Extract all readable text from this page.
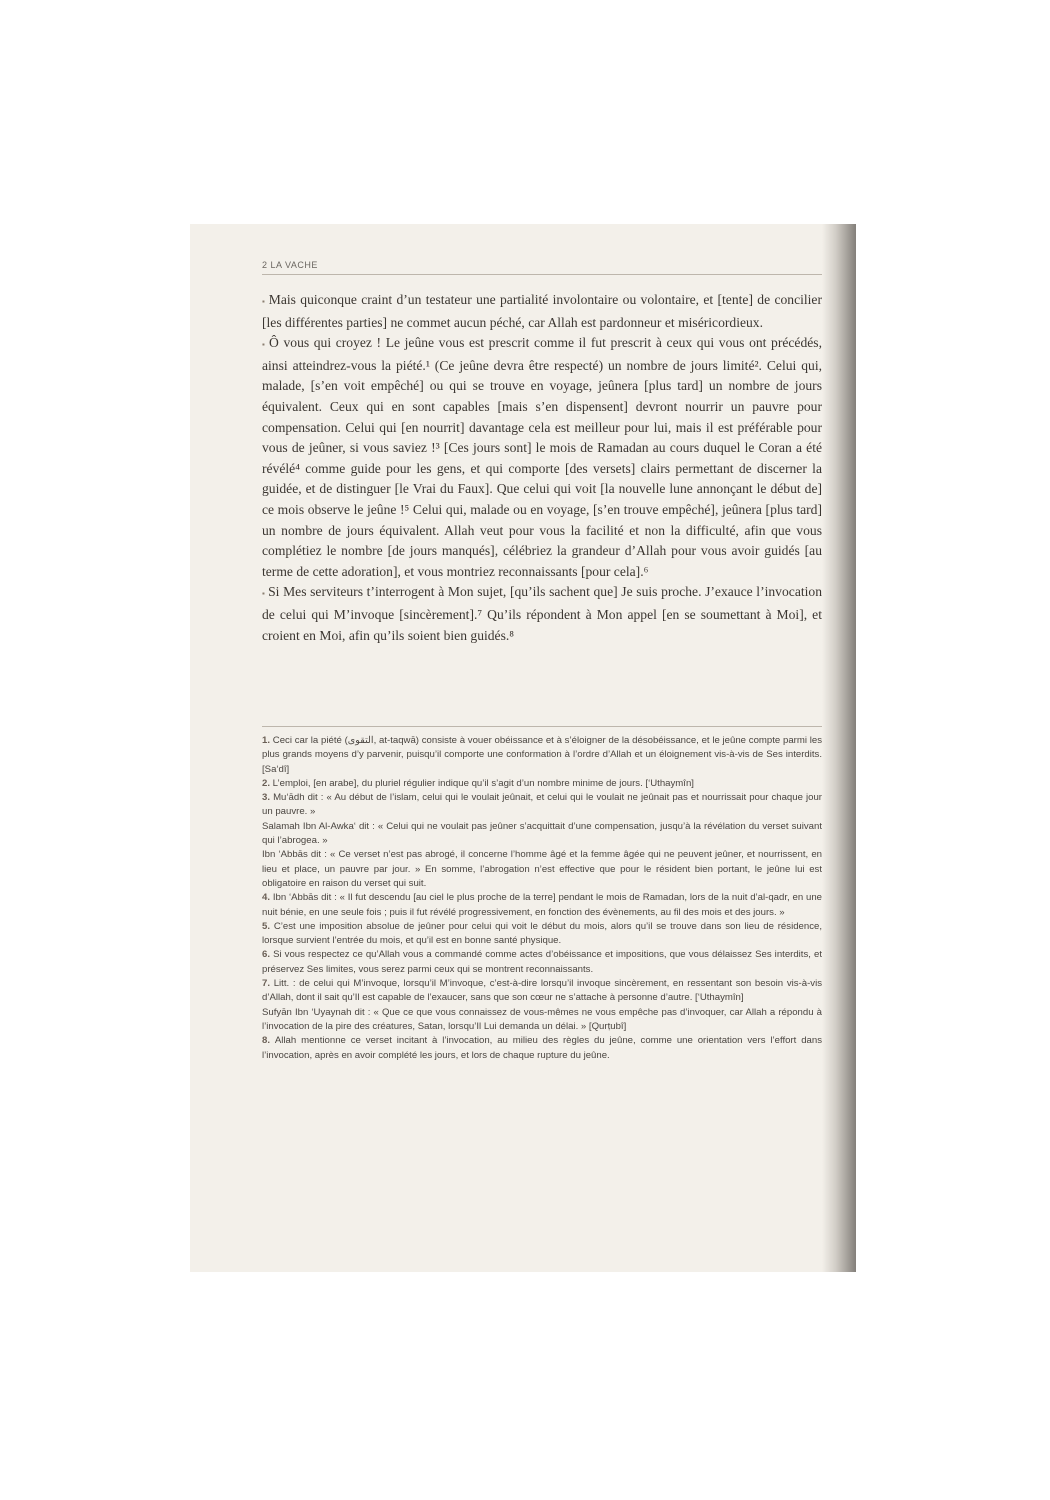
2 LA VACHE

▪ Mais quiconque craint d’un testateur une partialité involontaire ou volontaire, et [tente] de concilier [les différentes parties] ne commet aucun péché, car Allah est pardonneur et miséricordieux.

▪ Ô vous qui croyez ! Le jeûne vous est prescrit comme il fut prescrit à ceux qui vous ont précédés, ainsi atteindrez-vous la piété.¹ (Ce jeûne devra être respecté) un nombre de jours limité². Celui qui, malade, [s’en voit empêché] ou qui se trouve en voyage, jeûnera [plus tard] un nombre de jours équivalent. Ceux qui en sont capables [mais s’en dispensent] devront nourrir un pauvre pour compensation. Celui qui [en nourrit] davantage cela est meilleur pour lui, mais il est préférable pour vous de jeûner, si vous saviez !³ [Ces jours sont] le mois de Ramadan au cours duquel le Coran a été révélé⁴ comme guide pour les gens, et qui comporte [des versets] clairs permettant de discerner la guidée, et de distinguer [le Vrai du Faux]. Que celui qui voit [la nouvelle lune annonçant le début de] ce mois observe le jeûne !⁵ Celui qui, malade ou en voyage, [s’en trouve empêché], jeûnera [plus tard] un nombre de jours équivalent. Allah veut pour vous la facilité et non la difficulté, afin que vous complétiez le nombre [de jours manqués], célébriez la grandeur d’Allah pour vous avoir guidés [au terme de cette adoration], et vous montriez reconnaissants [pour cela].⁶

▪ Si Mes serviteurs t’interrogent à Mon sujet, [qu’ils sachent que] Je suis proche. J’exauce l’invocation de celui qui M’invoque [sincèrement].⁷ Qu’ils répondent à Mon appel [en se soumettant à Moi], et croient en Moi, afin qu’ils soient bien guidés.⁸

1. Ceci car la piété (التقوى, at-taqwā) consiste à vouer obéissance et à s’éloigner de la désobéissance, et le jeûne compte parmi les plus grands moyens d’y parvenir, puisqu’il comporte une conformation à l’ordre d’Allah et un éloignement vis-à-vis de Ses interdits. [Sa‘dî]

2. L’emploi, [en arabe], du pluriel régulier indique qu’il s’agit d’un nombre minime de jours. [‘Uthaymîn]

3. Mu‘ādh dit : « Au début de l’islam, celui qui le voulait jeûnait, et celui qui le voulait ne jeûnait pas et nourrissait pour chaque jour un pauvre. »

Salamah Ibn Al-Awka‘ dit : « Celui qui ne voulait pas jeûner s’acquittait d’une compensation, jusqu’à la révélation du verset suivant qui l’abrogea. »

Ibn ‘Abbās dit : « Ce verset n’est pas abrogé, il concerne l’homme âgé et la femme âgée qui ne peuvent jeûner, et nourrissent, en lieu et place, un pauvre par jour. » En somme, l’abrogation n’est effective que pour le résident bien portant, le jeûne lui est obligatoire en raison du verset qui suit.

4. Ibn ‘Abbās dit : « Il fut descendu [au ciel le plus proche de la terre] pendant le mois de Ramadan, lors de la nuit d’al-qadr, en une nuit bénie, en une seule fois ; puis il fut révélé progressivement, en fonction des évènements, au fil des mois et des jours. »

5. C’est une imposition absolue de jeûner pour celui qui voit le début du mois, alors qu’il se trouve dans son lieu de résidence, lorsque survient l’entrée du mois, et qu’il est en bonne santé physique.

6. Si vous respectez ce qu’Allah vous a commandé comme actes d’obéissance et impositions, que vous délaissez Ses interdits, et préservez Ses limites, vous serez parmi ceux qui se montrent reconnaissants.

7. Litt. : de celui qui M’invoque, lorsqu’il M’invoque, c’est-à-dire lorsqu’il invoque sincèrement, en ressentant son besoin vis-à-vis d’Allah, dont il sait qu’Il est capable de l’exaucer, sans que son cœur ne s’attache à personne d’autre. [‘Uthaymîn]

Sufyān Ibn ‘Uyaynah dit : « Que ce que vous connaissez de vous-mêmes ne vous empêche pas d’invoquer, car Allah a répondu à l’invocation de la pire des créatures, Satan, lorsqu’Il Lui demanda un délai. » [Qurṭubî]

8. Allah mentionne ce verset incitant à l’invocation, au milieu des règles du jeûne, comme une orientation vers l’effort dans l’invocation, après en avoir complété les jours, et lors de chaque rupture du jeûne.
